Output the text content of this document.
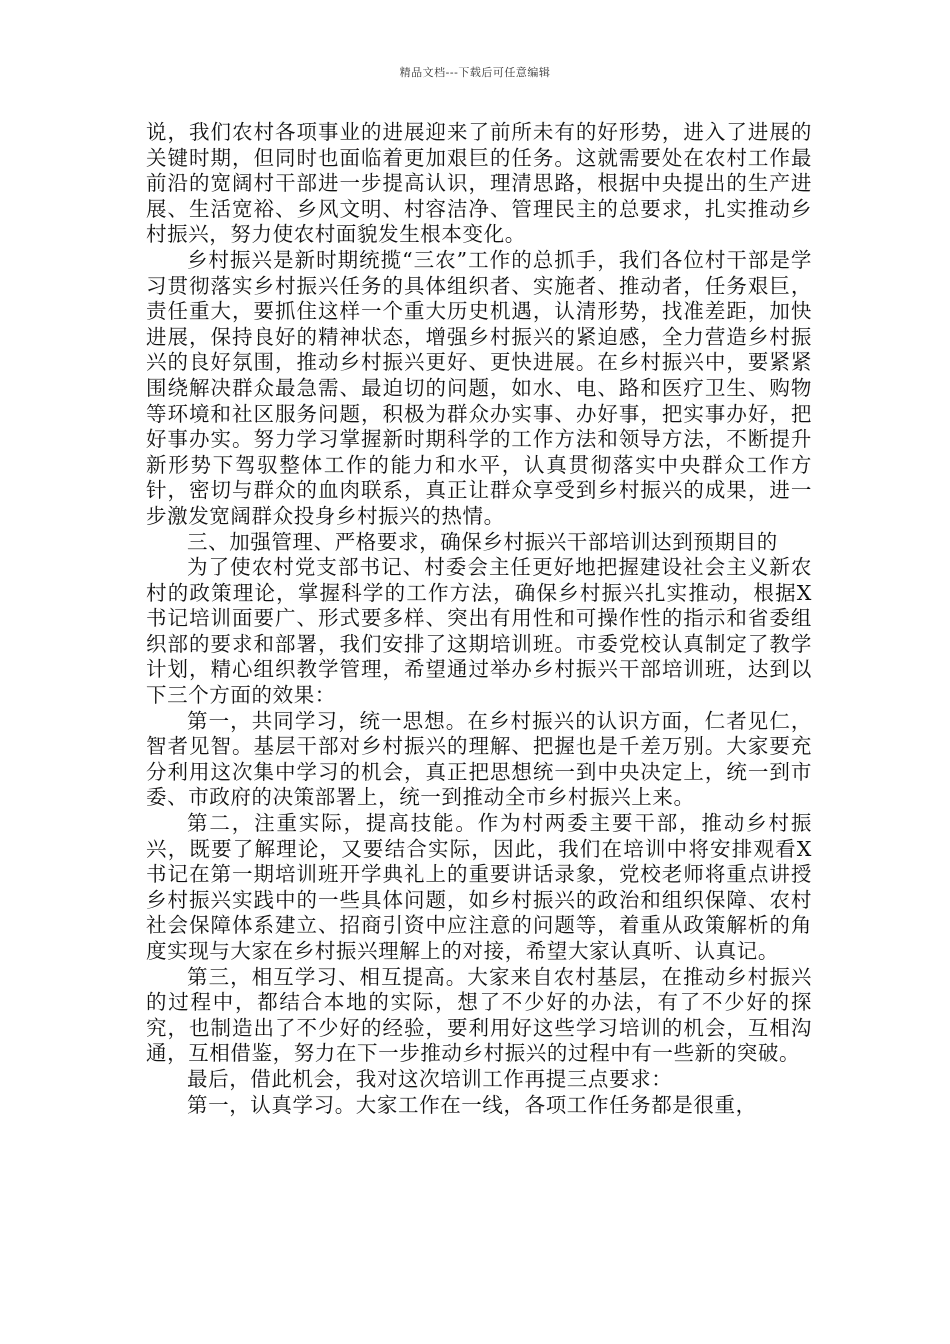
精品文档---下载后可任意编辑

说，我们农村各项事业的进展迎来了前所未有的好形势，进入了进展的关键时期，但同时也面临着更加艰巨的任务。这就需要处在农村工作最前沿的宽阔村干部进一步提高认识，理清思路，根据中央提出的生产进展、生活宽裕、乡风文明、村容洁净、管理民主的总要求，扎实推动乡村振兴，努力使农村面貌发生根本变化。

乡村振兴是新时期统揽“三农”工作的总抓手，我们各位村干部是学习贯彻落实乡村振兴任务的具体组织者、实施者、推动者，任务艰巨，责任重大，要抓住这样一个重大历史机遇，认清形势，找准差距，加快进展，保持良好的精神状态，增强乡村振兴的紧迫感，全力营造乡村振兴的良好氛围，推动乡村振兴更好、更快进展。在乡村振兴中，要紧紧围绕解决群众最急需、最迫切的问题，如水、电、路和医疗卫生、购物等环境和社区服务问题，积极为群众办实事、办好事，把实事办好，把好事办实。努力学习掌握新时期科学的工作方法和领导方法，不断提升新形势下驾驭整体工作的能力和水平，认真贯彻落实中央群众工作方针，密切与群众的血肉联系，真正让群众享受到乡村振兴的成果，进一步激发宽阔群众投身乡村振兴的热情。

三、加强管理、严格要求，确保乡村振兴干部培训达到预期目的

为了使农村党支部书记、村委会主任更好地把握建设社会主义新农村的政策理论，掌握科学的工作方法，确保乡村振兴扎实推动，根据X书记培训面要广、形式要多样、突出有用性和可操作性的指示和省委组织部的要求和部署，我们安排了这期培训班。市委党校认真制定了教学计划，精心组织教学管理，希望通过举办乡村振兴干部培训班，达到以下三个方面的效果：

第一，共同学习，统一思想。在乡村振兴的认识方面，仁者见仁，智者见智。基层干部对乡村振兴的理解、把握也是千差万别。大家要充分利用这次集中学习的机会，真正把思想统一到中央决定上，统一到市委、市政府的决策部署上，统一到推动全市乡村振兴上来。

第二，注重实际，提高技能。作为村两委主要干部，推动乡村振兴，既要了解理论，又要结合实际，因此，我们在培训中将安排观看X书记在第一期培训班开学典礼上的重要讲话录象，党校老师将重点讲授乡村振兴实践中的一些具体问题，如乡村振兴的政治和组织保障、农村社会保障体系建立、招商引资中应注意的问题等，着重从政策解析的角度实现与大家在乡村振兴理解上的对接，希望大家认真听、认真记。

第三，相互学习、相互提高。大家来自农村基层，在推动乡村振兴的过程中，都结合本地的实际，想了不少好的办法，有了不少好的探究，也制造出了不少好的经验，要利用好这些学习培训的机会，互相沟通，互相借鉴，努力在下一步推动乡村振兴的过程中有一些新的突破。

最后，借此机会，我对这次培训工作再提三点要求：

第一，认真学习。大家工作在一线，各项工作任务都是很重，
